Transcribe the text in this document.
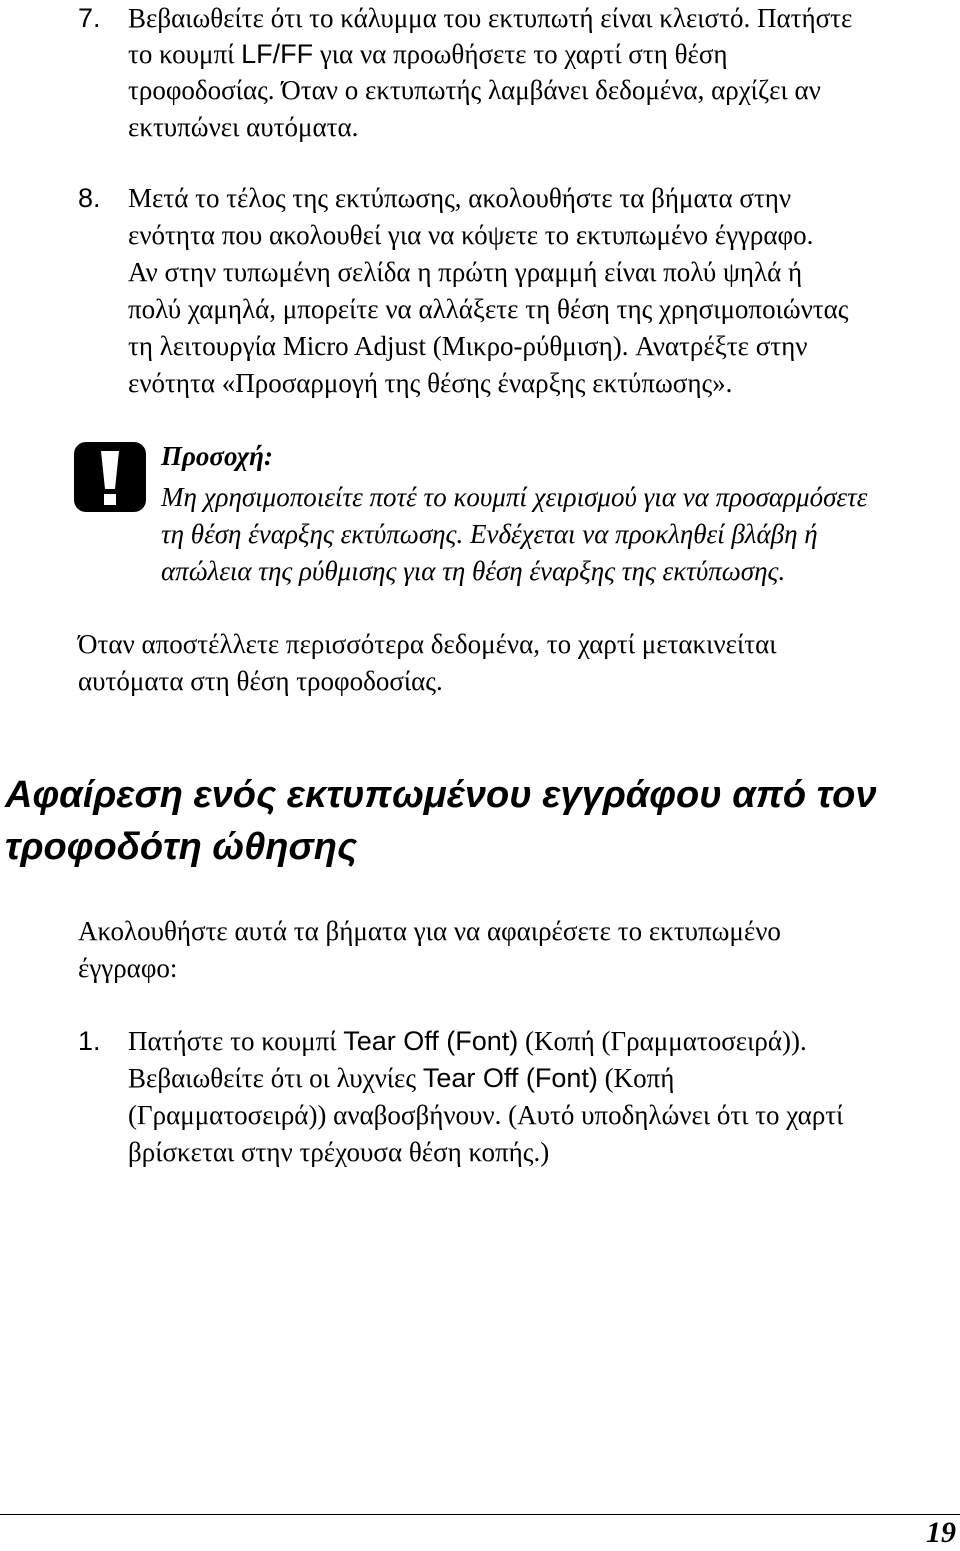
7. Βεβαιωθείτε ότι το κάλυμμα του εκτυπωτή είναι κλειστό. Πατήστε
το κουμπί LF/FF για να προωθήσετε το χαρτί στη θέση
τροφοδοσίας. Όταν ο εκτυπωτής λαμβάνει δεδομένα, αρχίζει αν
εκτυπώνει αυτόματα.
8. Μετά το τέλος της εκτύπωσης, ακολουθήστε τα βήματα στην
ενότητα που ακολουθεί για να κόψετε το εκτυπωμένο έγγραφο.
Αν στην τυπωμένη σελίδα η πρώτη γραμμή είναι πολύ ψηλά ή
πολύ χαμηλά, μπορείτε να αλλάξετε τη θέση της χρησιμοποιώντας
τη λειτουργία Micro Adjust (Μικρο-ρύθμιση). Ανατρέξτε στην
ενότητα «Προσαρμογή της θέσης έναρξης εκτύπωσης».
Προσοχή:
Μη χρησιμοποιείτε ποτέ το κουμπί χειρισμού για να προσαρμόσετε
τη θέση έναρξης εκτύπωσης. Ενδέχεται να προκληθεί βλάβη ή
απώλεια της ρύθμισης για τη θέση έναρξης της εκτύπωσης.
Όταν αποστέλλετε περισσότερα δεδομένα, το χαρτί μετακινείται
αυτόματα στη θέση τροφοδοσίας.
Αφαίρεση ενός εκτυπωμένου εγγράφου από τον
τροφοδότη ώθησης
Ακολουθήστε αυτά τα βήματα για να αφαιρέσετε το εκτυπωμένο
έγγραφο:
1. Πατήστε το κουμπί Tear Off (Font) (Κοπή (Γραμματοσειρά)).
Βεβαιωθείτε ότι οι λυχνίες Tear Off (Font) (Κοπή
(Γραμματοσειρά)) αναβοσβήνουν. (Αυτό υποδηλώνει ότι το χαρτί
βρίσκεται στην τρέχουσα θέση κοπής.)
19
